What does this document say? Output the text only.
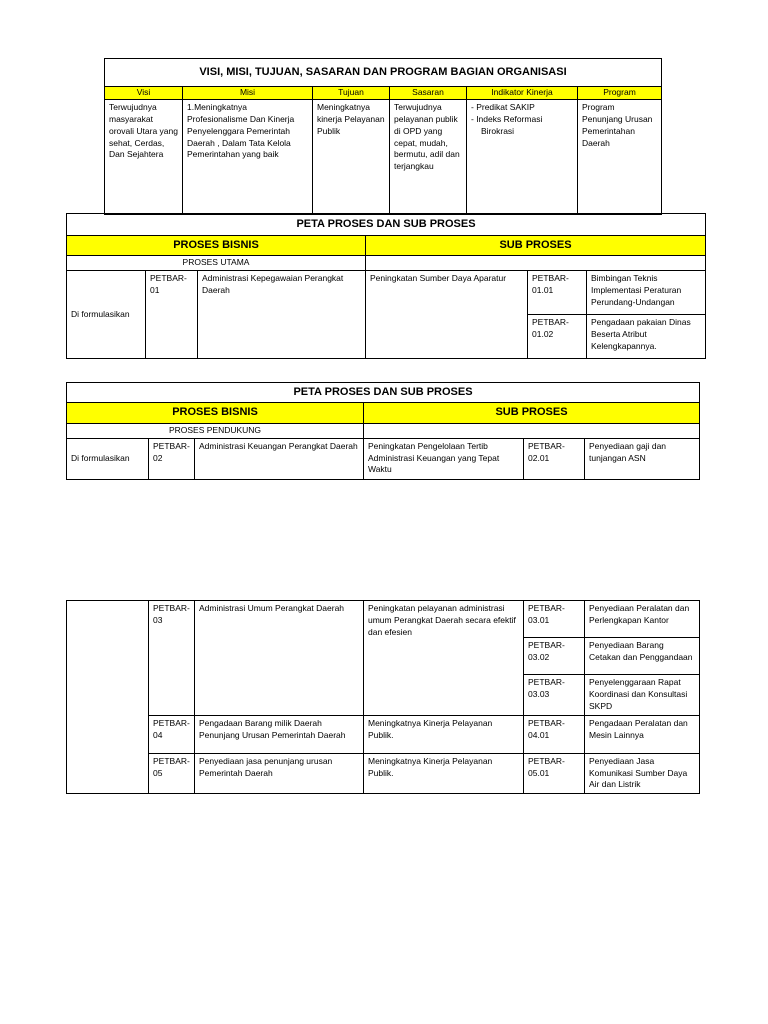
VISI, MISI, TUJUAN, SASARAN DAN PROGRAM BAGIAN ORGANISASI					
Visi	Misi	Tujuan	Sasaran	Indikator Kinerja	Program
Terwujudnya masyarakat orovali Utara yang sehat, Cerdas, Dan Sejahtera	1.Meningkatnya Profesionalisme Dan Kinerja Penyelenggara Pemerintah Daerah , Dalam Tata Kelola Pemerintahan yang baik	Meningkatnya kinerja Pelayanan Publik	Terwujudnya pelayanan publik di OPD yang cepat, mudah, bermutu, adil dan terjangkau	- Predikat SAKIP
- Indeks Reformasi
Birokrasi	Program Penunjang Urusan Pemerintahan Daerah
PETA PROSES DAN SUB PROSES					
PROSES BISNIS			SUB PROSES		
PROSES UTAMA					
Di formulasikan	PETBAR-01	Administrasi Kepegawaian Perangkat Daerah	Peningkatan Sumber Daya Aparatur	PETBAR-01.01	Bimbingan Teknis Implementasi Peraturan Perundang-Undangan
				PETBAR-01.02	Pengadaan pakaian Dinas Beserta Atribut Kelengkapannya.
PETA PROSES DAN SUB PROSES					
PROSES BISNIS			SUB PROSES		
PROSES PENDUKUNG					
Di formulasikan	PETBAR-02	Administrasi Keuangan Perangkat Daerah	Peningkatan Pengelolaan Tertib Administrasi Keuangan yang Tepat Waktu	PETBAR-02.01	Penyediaan gaji dan tunjangan ASN
	PETBAR-03	Administrasi Umum Perangkat Daerah	Peningkatan pelayanan administrasi umum Perangkat Daerah secara efektif dan efesien	PETBAR-03.01	Penyediaan Peralatan dan Perlengkapan Kantor
				PETBAR-03.02	Penyediaan Barang Cetakan dan Penggandaan
				PETBAR-03.03	Penyelenggaraan Rapat Koordinasi dan Konsultasi SKPD
	PETBAR-04	Pengadaan Barang milik Daerah Penunjang Urusan Pemerintah Daerah	Meningkatnya Kinerja Pelayanan Publik.	PETBAR-04.01	Pengadaan Peralatan dan Mesin Lainnya
	PETBAR-05	Penyediaan jasa penunjang urusan Pemerintah Daerah	Meningkatnya Kinerja Pelayanan Publik.	PETBAR-05.01	Penyediaan Jasa Komunikasi Sumber Daya Air dan Listrik
